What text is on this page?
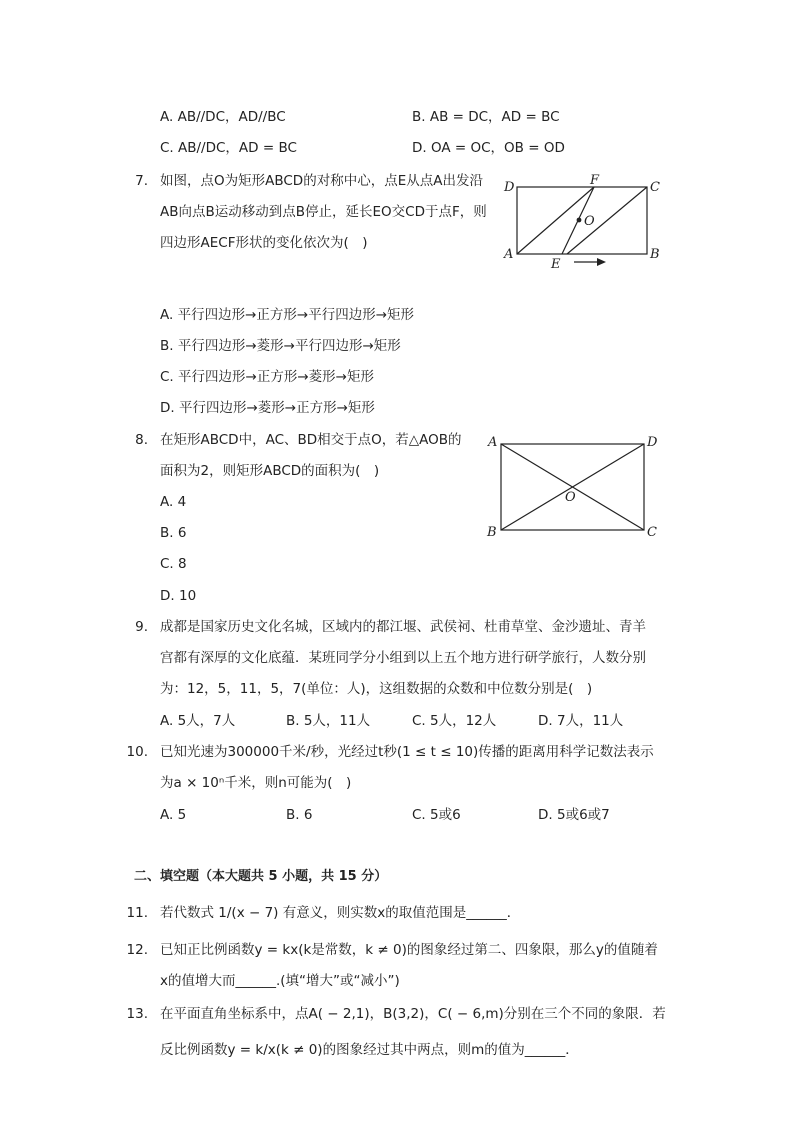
A. AB//DC，AD//BC	B. AB = DC，AD = BC
C. AB//DC，AD = BC	D. OA = OC，OB = OD
7. 如图，点O为矩形ABCD的对称中心，点E从点A出发沿
AB向点B运动移动到点B停止，延长EO交CD于点F，则
四边形AECF形状的变化依次为(　)
D	F	C
O
A
E
B
A. 平行四边形→正方形→平行四边形→矩形
B. 平行四边形→菱形→平行四边形→矩形
C. 平行四边形→正方形→菱形→矩形
D. 平行四边形→菱形→正方形→矩形
8. 在矩形ABCD中，AC、BD相交于点O，若△AOB的
面积为2，则矩形ABCD的面积为(　)
A. 4
B. 6
C. 8
D. 10
A	D
O
B	C
9. 成都是国家历史文化名城，区域内的都江堰、武侯祠、杜甫草堂、金沙遗址、青羊
宫都有深厚的文化底蕴．某班同学分小组到以上五个地方进行研学旅行，人数分别
为：12，5，11，5，7(单位：人)，这组数据的众数和中位数分别是(　)
A. 5人，7人	B. 5人，11人	C. 5人，12人	D. 7人，11人
10. 已知光速为300000千米/秒，光经过t秒(1 ≤ t ≤ 10)传播的距离用科学记数法表示
为a × 10ⁿ千米，则n可能为(　)
A. 5	B. 6	C. 5或6	D. 5或6或7
二、填空题（本大题共 5 小题，共 15 分）
11. 若代数式 1/(x − 7) 有意义，则实数x的取值范围是______．
12. 已知正比例函数y = kx(k是常数，k ≠ 0)的图象经过第二、四象限，那么y的值随着
x的值增大而______.(填“增大”或“减小”)
13. 在平面直角坐标系中，点A( − 2,1)，B(3,2)，C( − 6,m)分别在三个不同的象限．若
反比例函数y = k/x(k ≠ 0)的图象经过其中两点，则m的值为______．
